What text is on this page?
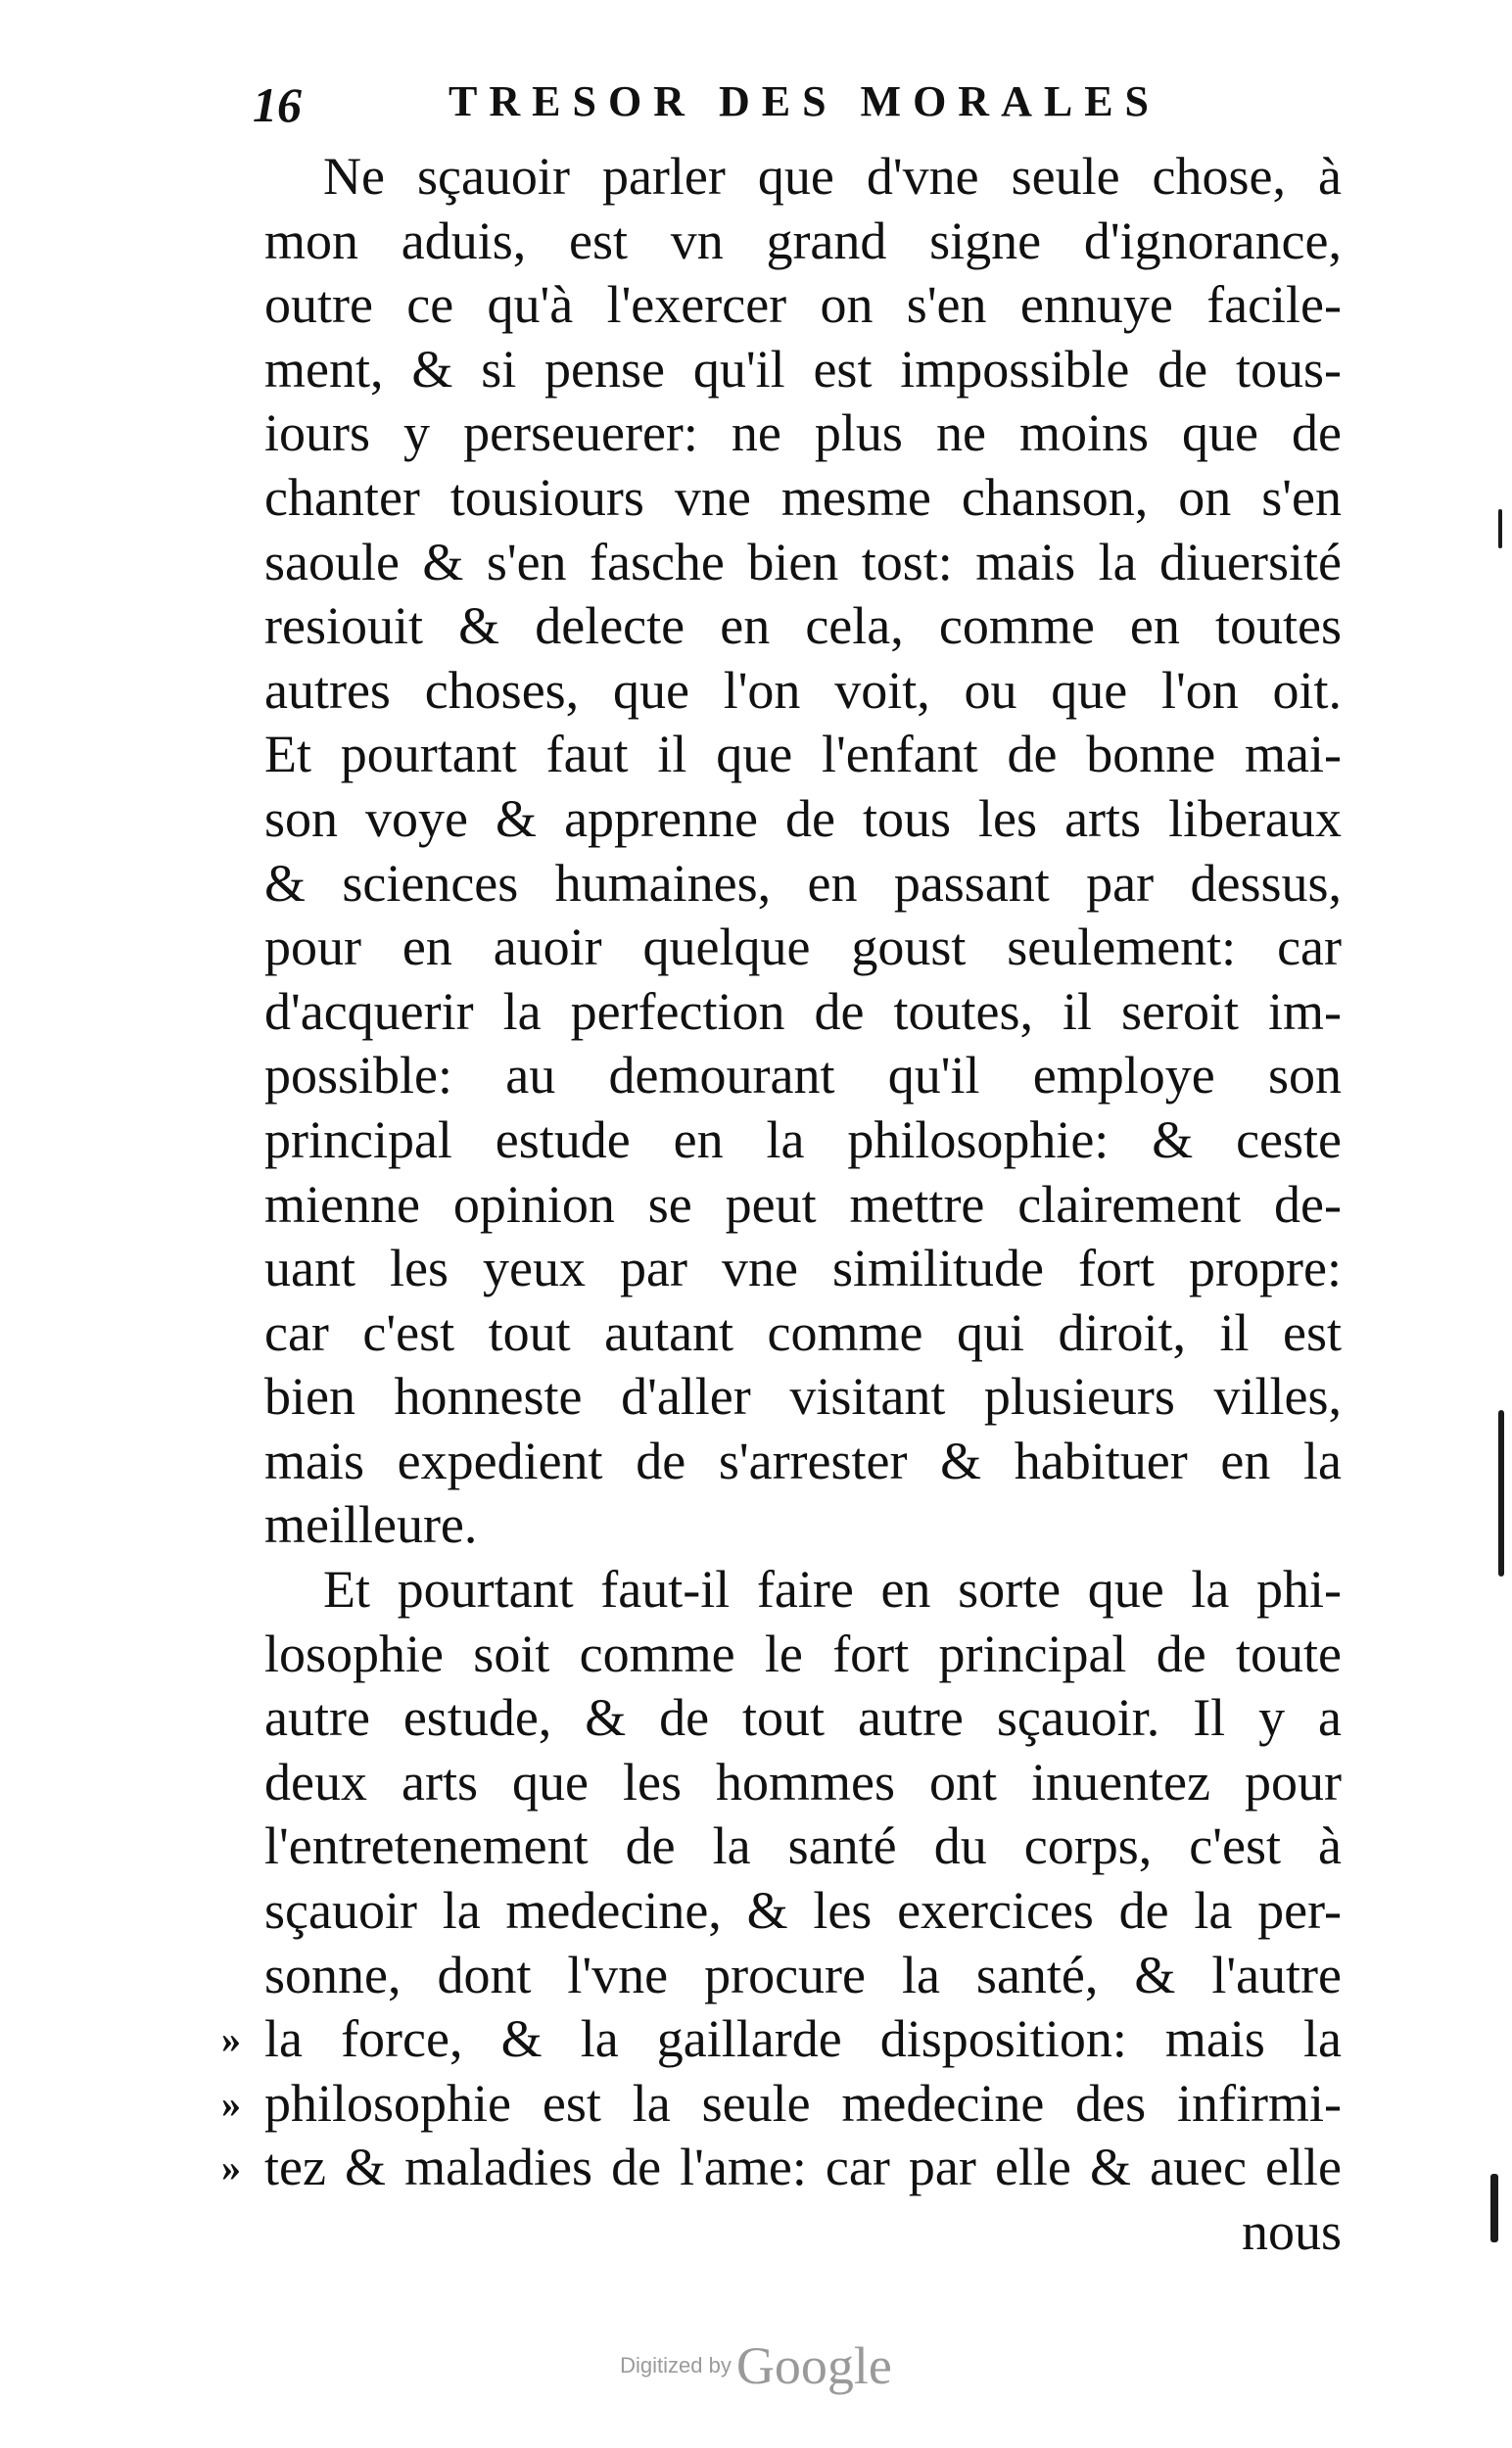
16	TRESOR DES MORALES
Ne sçauoir parler que d'vne seule chose, à
mon aduis, est vn grand signe d'ignorance,
outre ce qu'à l'exercer on s'en ennuye facile-
ment, & si pense qu'il est impossible de tous-
iours y perseuerer: ne plus ne moins que de
chanter tousiours vne mesme chanson, on s'en
saoule & s'en fasche bien tost: mais la diuersité
resiouit & delecte en cela, comme en toutes
autres choses, que l'on voit, ou que l'on oit.
Et pourtant faut il que l'enfant de bonne mai-
son voye & apprenne de tous les arts liberaux
& sciences humaines, en passant par dessus,
pour en auoir quelque goust seulement: car
d'acquerir la perfection de toutes, il seroit im-
possible: au demourant qu'il employe son
principal estude en la philosophie: & ceste
mienne opinion se peut mettre clairement de-
uant les yeux par vne similitude fort propre:
car c'est tout autant comme qui diroit, il est
bien honneste d'aller visitant plusieurs villes,
mais expedient de s'arrester & habituer en la
meilleure.
Et pourtant faut-il faire en sorte que la phi-
losophie soit comme le fort principal de toute
autre estude, & de tout autre sçauoir. Il y a
deux arts que les hommes ont inuentez pour
l'entretenement de la santé du corps, c'est à
sçauoir la medecine, & les exercices de la per-
sonne, dont l'vne procure la santé, & l'autre
» la force, & la gaillarde disposition: mais la
» philosophie est la seule medecine des infirmi-
» tez & maladies de l'ame: car par elle & auec elle
nous
Digitized by Google
